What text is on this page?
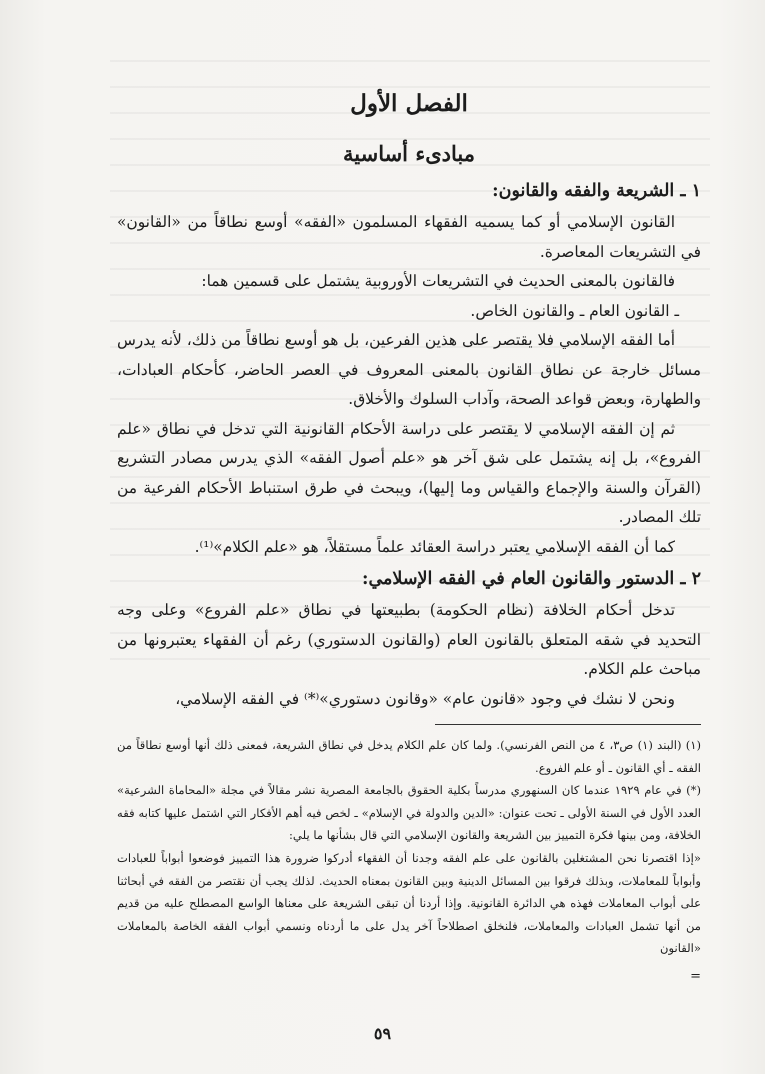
الفصل الأول
مبادىء أساسية
١ ـ الشريعة والفقه والقانون:

القانون الإسلامي أو كما يسميه الفقهاء المسلمون «الفقه» أوسع نطاقاً من «القانون» في التشريعات المعاصرة.

فالقانون بالمعنى الحديث في التشريعات الأوروبية يشتمل على قسمين هما:

ـ القانون العام ـ والقانون الخاص.

أما الفقه الإسلامي فلا يقتصر على هذين الفرعين، بل هو أوسع نطاقاً من ذلك، لأنه يدرس مسائل خارجة عن نطاق القانون بالمعنى المعروف في العصر الحاضر، كأحكام العبادات، والطهارة، وبعض قواعد الصحة، وآداب السلوك والأخلاق.

ثم إن الفقه الإسلامي لا يقتصر على دراسة الأحكام القانونية التي تدخل في نطاق «علم الفروع»، بل إنه يشتمل على شق آخر هو «علم أصول الفقه» الذي يدرس مصادر التشريع (القرآن والسنة والإجماع والقياس وما إليها)، ويبحث في طرق استنباط الأحكام الفرعية من تلك المصادر.

كما أن الفقه الإسلامي يعتبر دراسة العقائد علماً مستقلاً، هو «علم الكلام»⁽¹⁾.

٢ ـ الدستور والقانون العام في الفقه الإسلامي:

تدخل أحكام الخلافة (نظام الحكومة) بطبيعتها في نطاق «علم الفروع» وعلى وجه التحديد في شقه المتعلق بالقانون العام (والقانون الدستوري) رغم أن الفقهاء يعتبرونها من مباحث علم الكلام.

ونحن لا نشك في وجود «قانون عام» «وقانون دستوري»⁽*⁾ في الفقه الإسلامي،

(١) (البند (١) ص٣، ٤ من النص الفرنسي). ولما كان علم الكلام يدخل في نطاق الشريعة، فمعنى ذلك أنها أوسع نطاقاً من الفقه ـ أي القانون ـ أو علم الفروع.

(*) في عام ١٩٢٩ عندما كان السنهوري مدرساً بكلية الحقوق بالجامعة المصرية نشر مقالاً في مجلة «المحاماة الشرعية» العدد الأول في السنة الأولى ـ تحت عنوان: «الدين والدولة في الإسلام» ـ لخص فيه أهم الأفكار التي اشتمل عليها كتابه فقه الخلافة، ومن بينها فكرة التمييز بين الشريعة والقانون الإسلامي التي قال بشأنها ما يلي:

«إذا اقتصرنا نحن المشتغلين بالقانون على علم الفقه وجدنا أن الفقهاء أدركوا ضرورة هذا التمييز فوضعوا أبواباً للعبادات وأبواباً للمعاملات، وبذلك فرقوا بين المسائل الدينية وبين القانون بمعناه الحديث. لذلك يجب أن نقتصر من الفقه في أبحاثنا على أبواب المعاملات فهذه هي الدائرة القانونية. وإذا أردنا أن تبقى الشريعة على معناها الواسع المصطلح عليه من قديم من أنها تشمل العبادات والمعاملات، فلنخلق اصطلاحاً آخر يدل على ما أردناه ونسمي أبواب الفقه الخاصة بالمعاملات «القانون

=

٥٩
